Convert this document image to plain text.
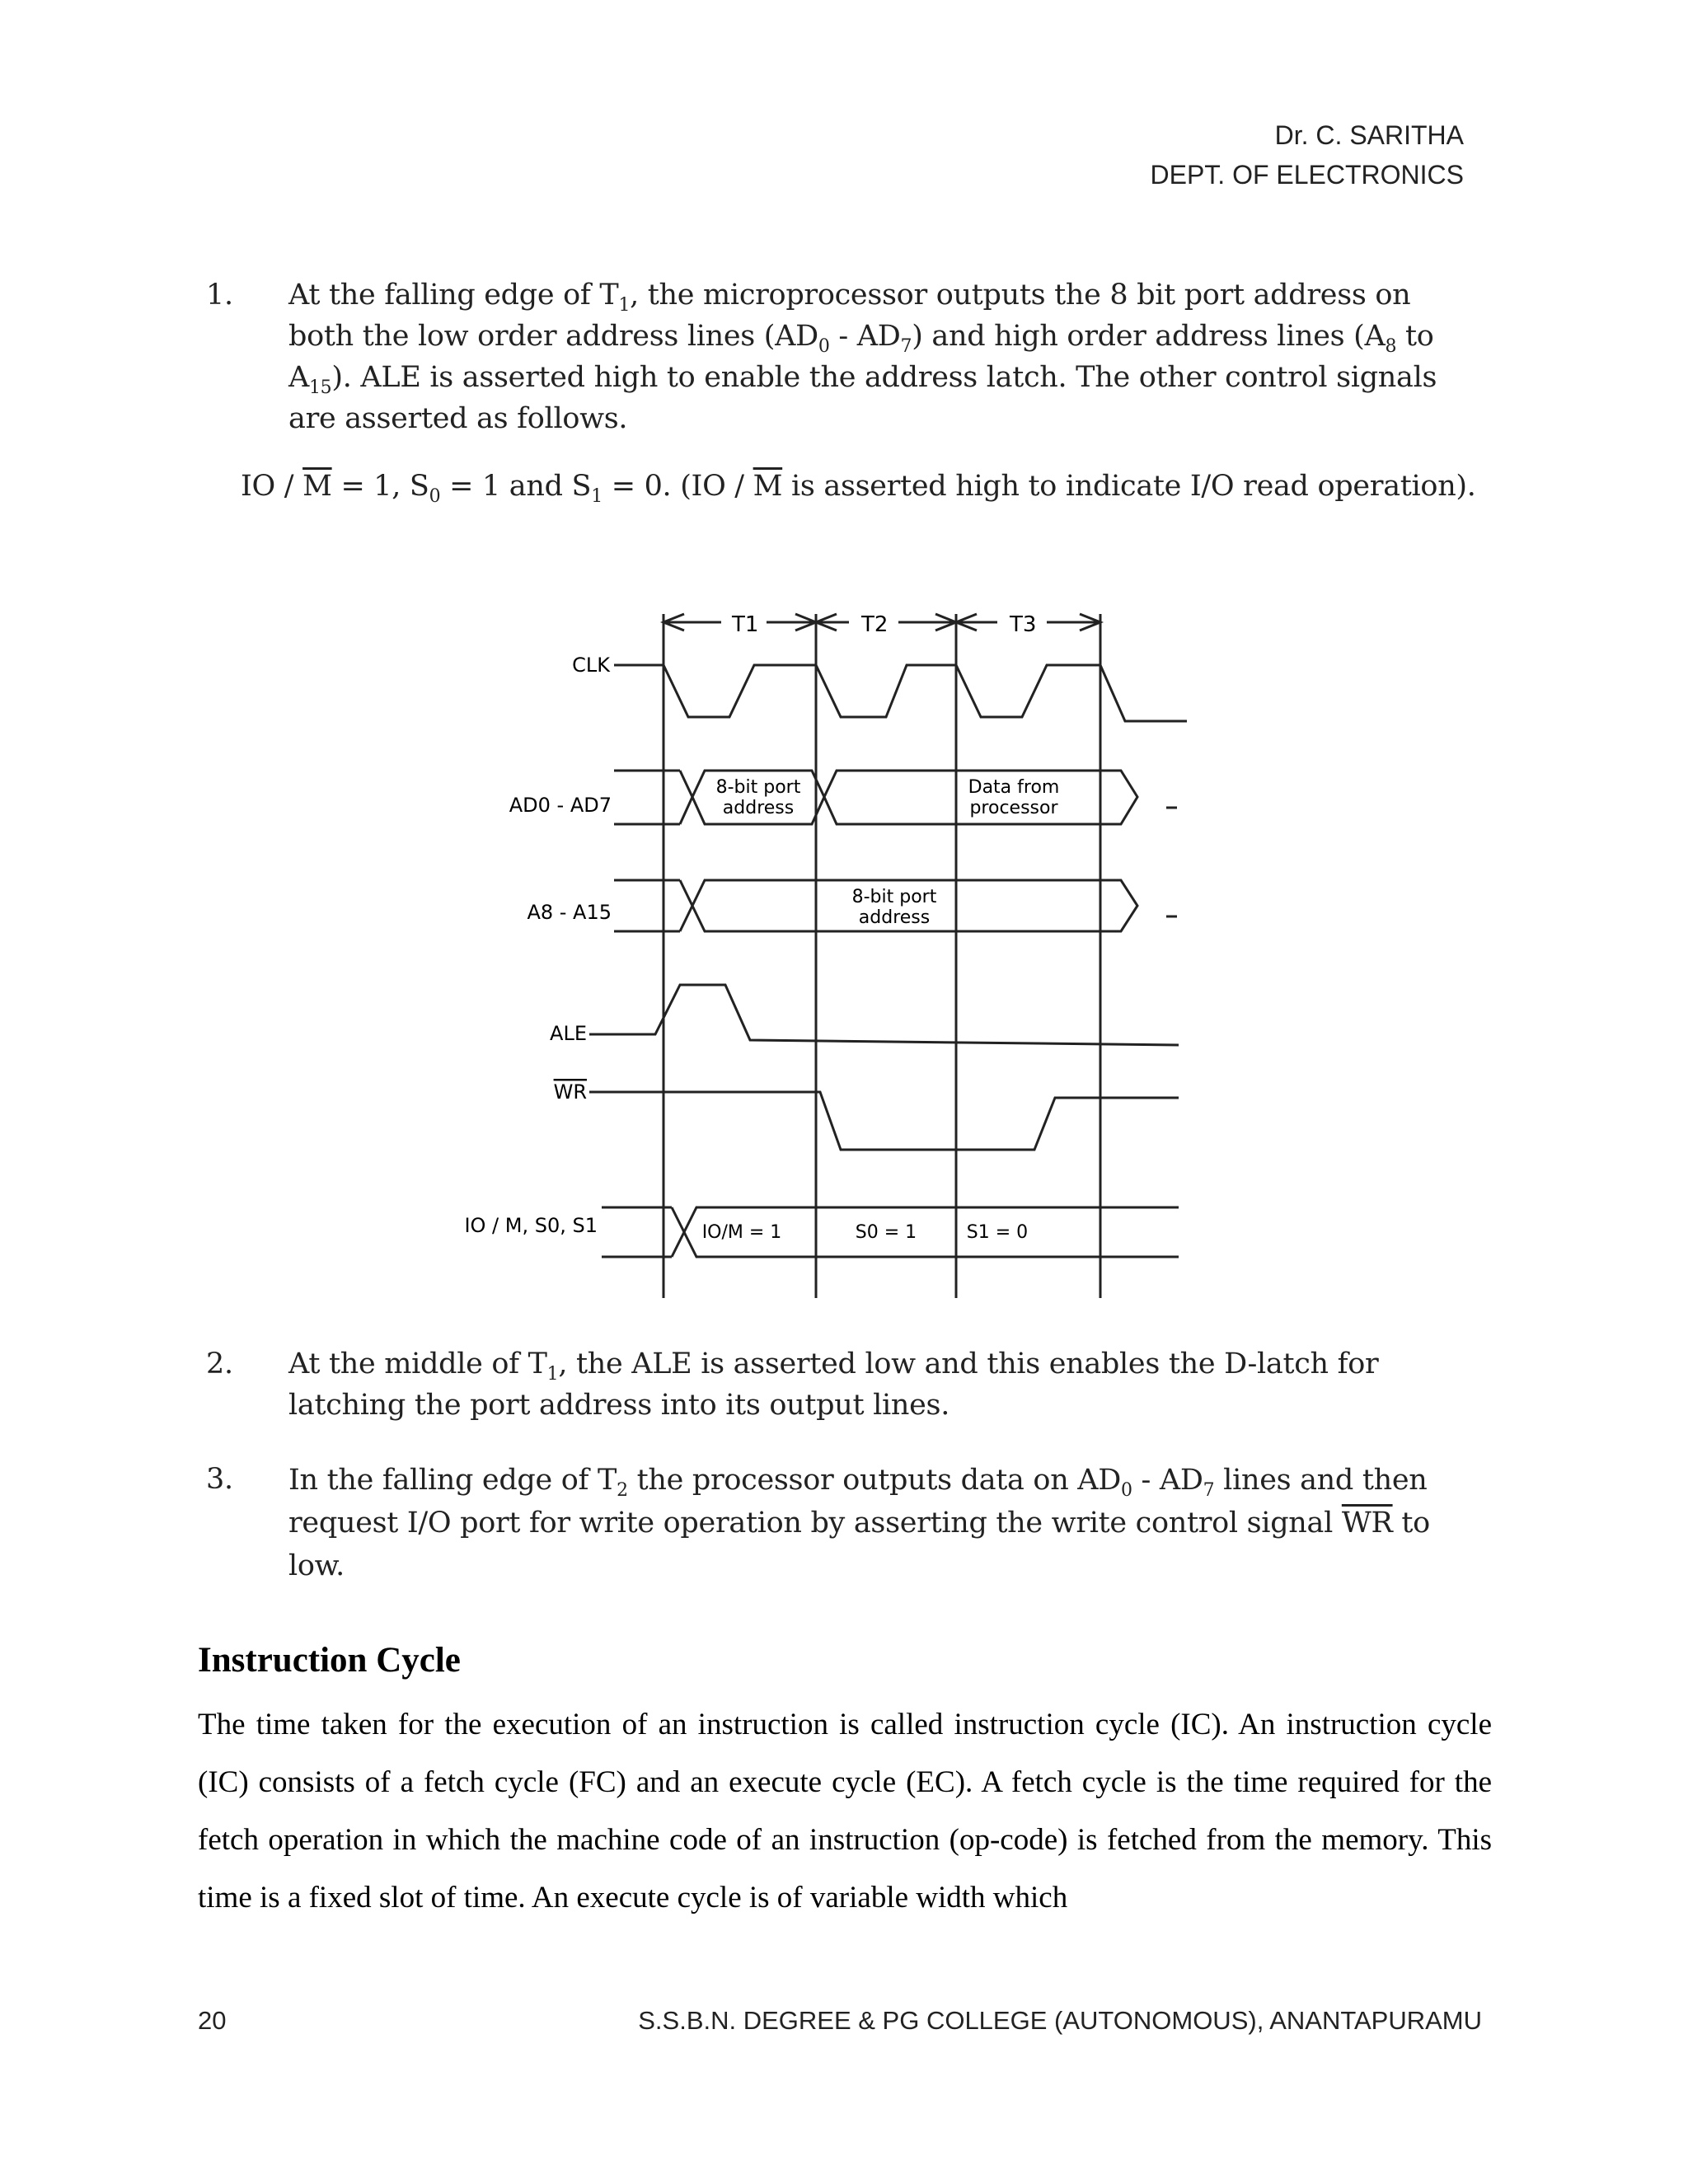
Dr. C. SARITHA
DEPT. OF ELECTRONICS
1. At the falling edge of $T_1$, the microprocessor outputs the 8 bit port address on both the low order address lines $(AD_0 - AD_7)$ and high order address lines ($A_8$ to $A_{15}$). ALE is asserted high to enable the address latch. The other control signals are asserted as follows.
IO / $\overline{M} = 1$, $S_0 = 1$ and $S_1 = 0$. ($IO / \overline{M}$ is asserted high to indicate I/O read operation).
T1	T2	T3
CLK
AD0 - AD7
A8 - A15
ALE
WR
IO / M, S0, S1
8-bit port
address
Data from
processor
8-bit port
address
IO/M = 1	S0 = 1	S1 = 0
2. At the middle of $T_1$, the ALE is asserted low and this enables the D-latch for latching the port address into its output lines.
3. In the falling edge of $T_2$ the processor outputs data on $AD_0 - AD_7$ lines and then request I/O port for write operation by asserting the write control signal $\overline{WR}$ to low.
Instruction Cycle
The time taken for the execution of an instruction is called instruction cycle (IC). An instruction cycle (IC) consists of a fetch cycle (FC) and an execute cycle (EC). A fetch cycle is the time required for the fetch operation in which the machine code of an instruction (op-code) is fetched from the memory. This time is a fixed slot of time. An execute cycle is of variable width which
20	S.S.B.N. DEGREE & PG COLLEGE (AUTONOMOUS), ANANTAPURAMU
